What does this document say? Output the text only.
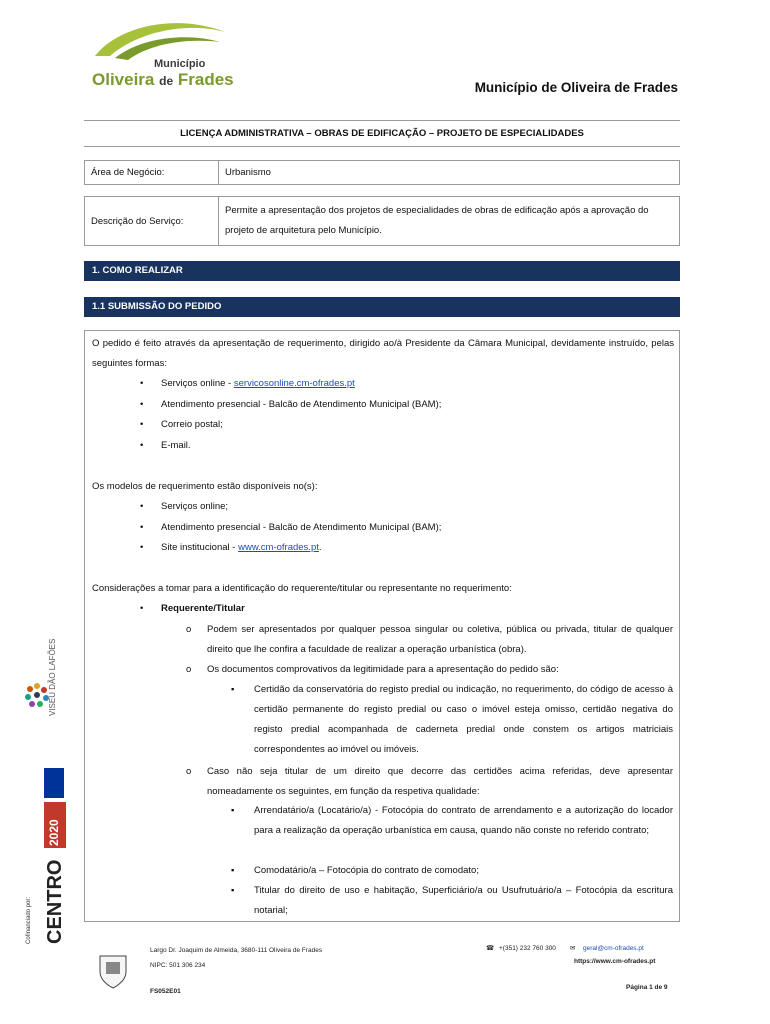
Município
Oliveira de Frades	Município de Oliveira de Frades
LICENÇA ADMINISTRATIVA – OBRAS DE EDIFICAÇÃO – PROJETO DE ESPECIALIDADES
Área de Negócio:	Urbanismo
Descrição do Serviço:	Permite a apresentação dos projetos de especialidades de obras de edificação após a aprovação do projeto de arquitetura pelo Município.
1. COMO REALIZAR
1.1 SUBMISSÃO DO PEDIDO
O pedido é feito através da apresentação de requerimento, dirigido ao/à Presidente da Câmara Municipal, devidamente instruído, pelas seguintes formas:
• Serviços online - servicosonline.cm-ofrades.pt
• Atendimento presencial - Balcão de Atendimento Municipal (BAM);
• Correio postal;
• E-mail.
Os modelos de requerimento estão disponíveis no(s):
• Serviços online;
• Atendimento presencial - Balcão de Atendimento Municipal (BAM);
• Site institucional - www.cm-ofrades.pt.
Considerações a tomar para a identificação do requerente/titular ou representante no requerimento:
• Requerente/Titular
o Podem ser apresentados por qualquer pessoa singular ou coletiva, pública ou privada, titular de qualquer direito que lhe confira a faculdade de realizar a operação urbanística (obra).
o Os documentos comprovativos da legitimidade para a apresentação do pedido são:
▪ Certidão da conservatória do registo predial ou indicação, no requerimento, do código de acesso à certidão permanente do registo predial ou caso o imóvel esteja omisso, certidão negativa do registo predial acompanhada de caderneta predial onde constem os artigos matriciais correspondentes ao imóvel ou imóveis.
o Caso não seja titular de um direito que decorre das certidões acima referidas, deve apresentar nomeadamente os seguintes, em função da respetiva qualidade:
▪ Arrendatário/a (Locatário/a) - Fotocópia do contrato de arrendamento e a autorização do locador para a realização da operação urbanística em causa, quando não conste no referido contrato;
▪ Comodatário/a – Fotocópia do contrato de comodato;
▪ Titular do direito de uso e habitação, Superficiário/a ou Usufrutuário/a – Fotocópia da escritura notarial;
VISEU DÃO LAFÕES
2020
Cofinanciado por: CENTRO
Largo Dr. Joaquim de Almeida, 3680-111 Oliveira de Frades
NIPC: 501 306 234
FS052E01
☎ +(351) 232 760 300 ✉ geral@cm-ofrades.pt
https://www.cm-ofrades.pt
Página 1 de 9
